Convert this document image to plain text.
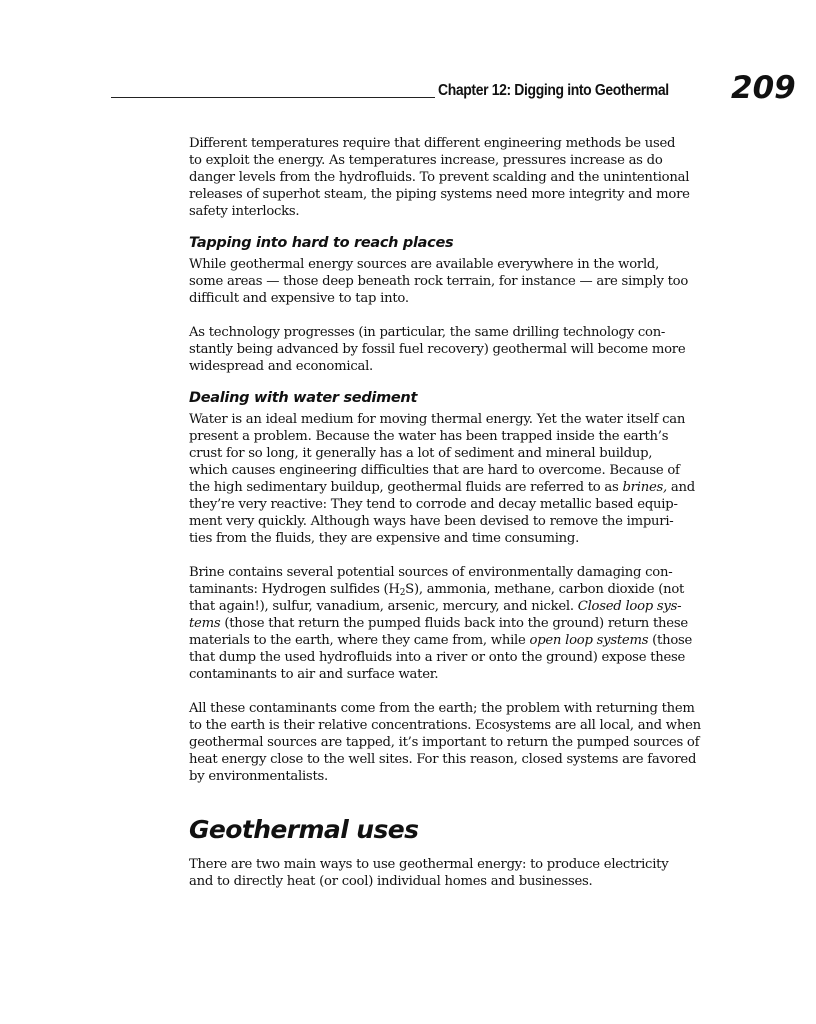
Chapter 12: Digging into Geothermal 209

Different temperatures require that different engineering methods be used
to exploit the energy. As temperatures increase, pressures increase as do
danger levels from the hydrofluids. To prevent scalding and the unintentional
releases of superhot steam, the piping systems need more integrity and more
safety interlocks.

Tapping into hard to reach places

While geothermal energy sources are available everywhere in the world,
some areas — those deep beneath rock terrain, for instance — are simply too
difficult and expensive to tap into.

As technology progresses (in particular, the same drilling technology con-
stantly being advanced by fossil fuel recovery) geothermal will become more
widespread and economical.

Dealing with water sediment

Water is an ideal medium for moving thermal energy. Yet the water itself can
present a problem. Because the water has been trapped inside the earth’s
crust for so long, it generally has a lot of sediment and mineral buildup,
which causes engineering difficulties that are hard to overcome. Because of
the high sedimentary buildup, geothermal fluids are referred to as brines, and
they’re very reactive: They tend to corrode and decay metallic based equip-
ment very quickly. Although ways have been devised to remove the impuri-
ties from the fluids, they are expensive and time consuming.

Brine contains several potential sources of environmentally damaging con-
taminants: Hydrogen sulfides $(H_2S)$, ammonia, methane, carbon dioxide (not
that again!), sulfur, vanadium, arsenic, mercury, and nickel. Closed loop sys-
tems (those that return the pumped fluids back into the ground) return these
materials to the earth, where they came from, while open loop systems (those
that dump the used hydrofluids into a river or onto the ground) expose these
contaminants to air and surface water.

All these contaminants come from the earth; the problem with returning them
to the earth is their relative concentrations. Ecosystems are all local, and when
geothermal sources are tapped, it’s important to return the pumped sources of
heat energy close to the well sites. For this reason, closed systems are favored
by environmentalists.

Geothermal uses

There are two main ways to use geothermal energy: to produce electricity
and to directly heat (or cool) individual homes and businesses.
